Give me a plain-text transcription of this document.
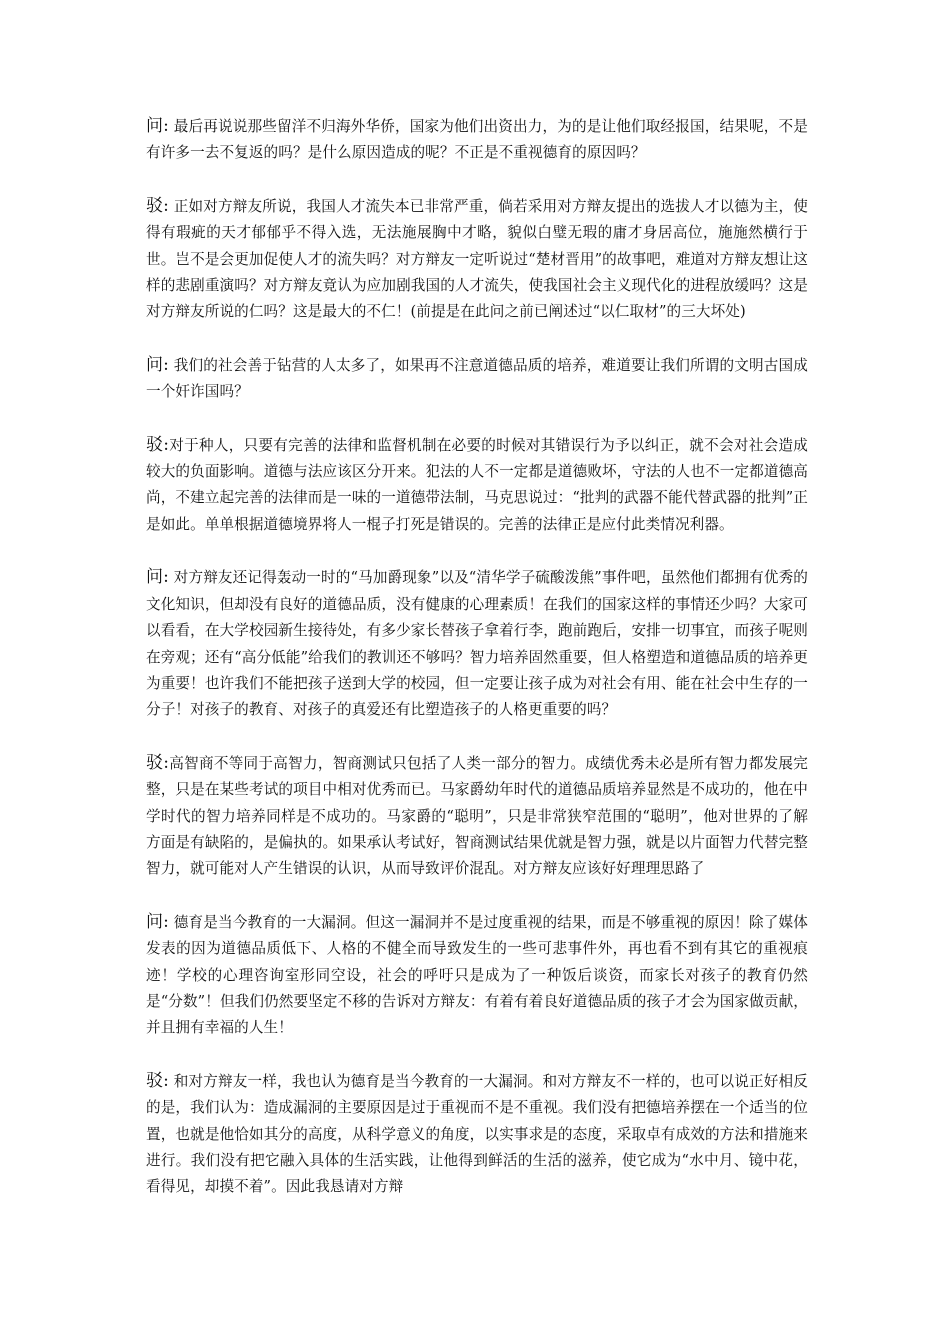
问: 最后再说说那些留洋不归海外华侨，国家为他们出资出力，为的是让他们取经报国，结果呢，不是有许多一去不复返的吗？是什么原因造成的呢？不正是不重视德育的原因吗？

驳: 正如对方辩友所说，我国人才流失本已非常严重，倘若采用对方辩友提出的选拔人才以德为主，使得有瑕疵的天才郁郁乎不得入选，无法施展胸中才略，貌似白璧无瑕的庸才身居高位，施施然横行于世。岂不是会更加促使人才的流失吗？对方辩友一定听说过“楚材晋用”的故事吧，难道对方辩友想让这样的悲剧重演吗？对方辩友竟认为应加剧我国的人才流失，使我国社会主义现代化的进程放缓吗？这是对方辩友所说的仁吗？这是最大的不仁！(前提是在此问之前已阐述过“以仁取材”的三大坏处)

问: 我们的社会善于钻营的人太多了，如果再不注意道德品质的培养，难道要让我们所谓的文明古国成一个奸诈国吗？

驳:对于种人，只要有完善的法律和监督机制在必要的时候对其错误行为予以纠正，就不会对社会造成较大的负面影响。道德与法应该区分开来。犯法的人不一定都是道德败坏，守法的人也不一定都道德高尚，不建立起完善的法律而是一味的一道德带法制，马克思说过：“批判的武器不能代替武器的批判”正是如此。单单根据道德境界将人一棍子打死是错误的。完善的法律正是应付此类情况利器。

问: 对方辩友还记得轰动一时的“马加爵现象”以及“清华学子硫酸泼熊”事件吧，虽然他们都拥有优秀的文化知识，但却没有良好的道德品质，没有健康的心理素质！在我们的国家这样的事情还少吗？大家可以看看，在大学校园新生接待处，有多少家长替孩子拿着行李，跑前跑后，安排一切事宜，而孩子呢则在旁观；还有“高分低能”给我们的教训还不够吗？智力培养固然重要，但人格塑造和道德品质的培养更为重要！也许我们不能把孩子送到大学的校园，但一定要让孩子成为对社会有用、能在社会中生存的一分子！对孩子的教育、对孩子的真爱还有比塑造孩子的人格更重要的吗？

驳:高智商不等同于高智力，智商测试只包括了人类一部分的智力。成绩优秀未必是所有智力都发展完整，只是在某些考试的项目中相对优秀而已。马家爵幼年时代的道德品质培养显然是不成功的，他在中学时代的智力培养同样是不成功的。马家爵的“聪明”，只是非常狭窄范围的“聪明”，他对世界的了解方面是有缺陷的，是偏执的。如果承认考试好，智商测试结果优就是智力强，就是以片面智力代替完整智力，就可能对人产生错误的认识，从而导致评价混乱。对方辩友应该好好理理思路了

问: 德育是当今教育的一大漏洞。但这一漏洞并不是过度重视的结果，而是不够重视的原因！除了媒体发表的因为道德品质低下、人格的不健全而导致发生的一些可悲事件外，再也看不到有其它的重视痕迹！学校的心理咨询室形同空设，社会的呼吁只是成为了一种饭后谈资，而家长对孩子的教育仍然是“分数”！但我们仍然要坚定不移的告诉对方辩友：有着有着良好道德品质的孩子才会为国家做贡献，并且拥有幸福的人生！

驳: 和对方辩友一样，我也认为德育是当今教育的一大漏洞。和对方辩友不一样的，也可以说正好相反的是，我们认为：造成漏洞的主要原因是过于重视而不是不重视。我们没有把德培养摆在一个适当的位置，也就是他恰如其分的高度，从科学意义的角度，以实事求是的态度，采取卓有成效的方法和措施来进行。我们没有把它融入具体的生活实践，让他得到鲜活的生活的滋养，使它成为“水中月、镜中花，看得见，却摸不着”。因此我恳请对方辩
